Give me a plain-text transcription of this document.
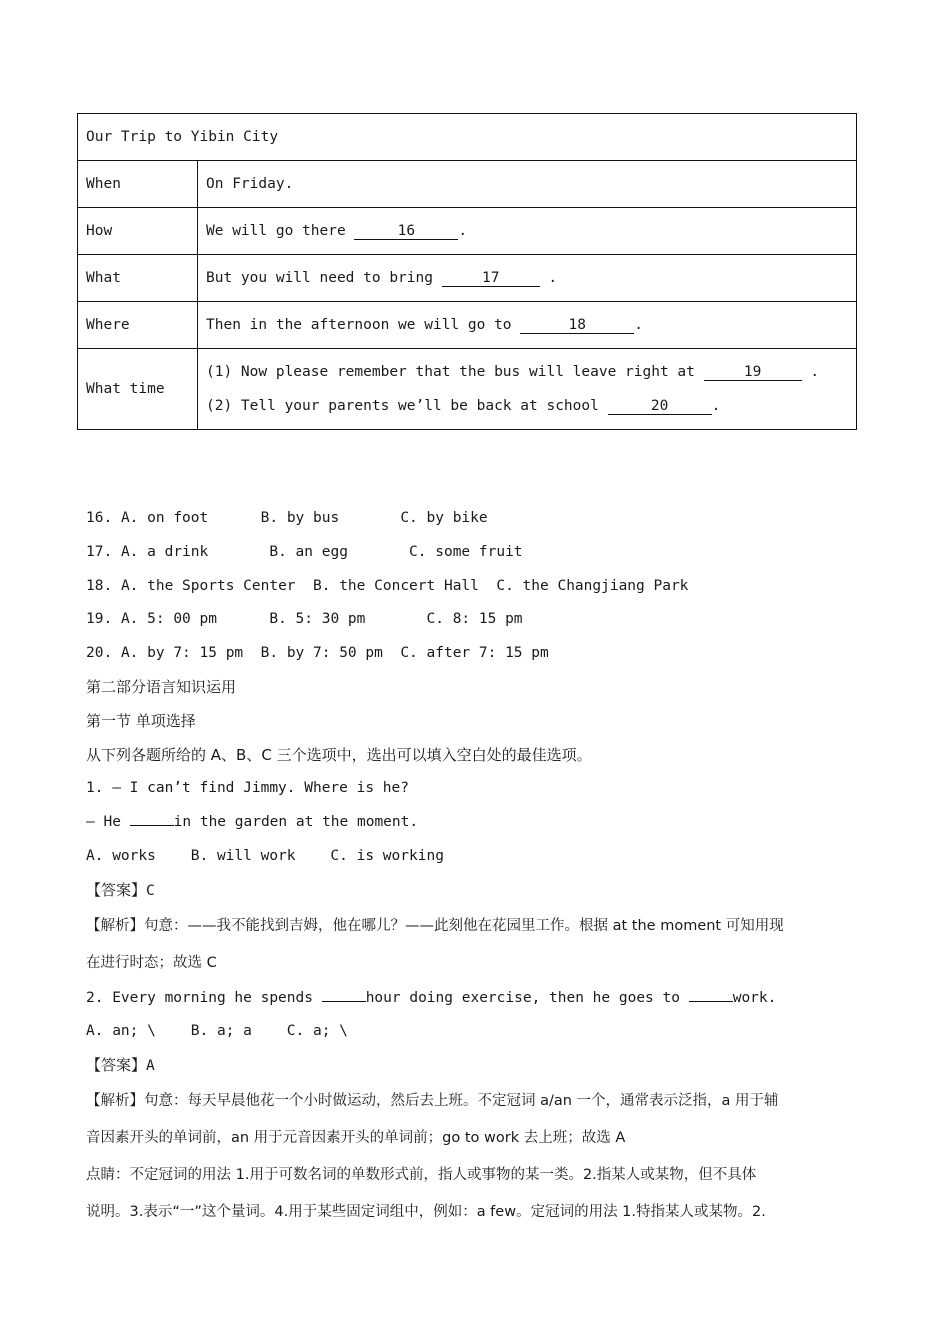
Our Trip to Yibin City	
When	On Friday.
How	We will go there 16 .
What	But you will need to bring 17 .
Where	Then in the afternoon we will go to 18 .
What time	(1) Now please remember that the bus will leave right at 19 .
(2) Tell your parents we’ll be back at school 20 .
16. A. on foot	B. by bus	C. by bike
17. A. a drink	B. an egg	C. some fruit
18. A. the Sports Center B. the Concert Hall C. the Changjiang Park
19. A. 5: 00 pm	B. 5: 30 pm	C. 8: 15 pm
20. A. by 7: 15 pm B. by 7: 50 pm C. after 7: 15 pm
第二部分语言知识运用
第一节 单项选择
从下列各题所给的 A、B、C 三个选项中，选出可以填入空白处的最佳选项。
1. — I can’t find Jimmy. Where is he?
— He	in the garden at the moment.
A. works    B. will work    C. is working
【答案】C
【解析】句意：——我不能找到吉姆，他在哪儿？——此刻他在花园里工作。根据 at the moment 可知用现
在进行时态；故选 C
2. Every morning he spends	hour doing exercise, then he goes to	work.
A. an; \    B. a; a    C. a; \
【答案】A
【解析】句意：每天早晨他花一个小时做运动，然后去上班。不定冠词 a/an 一个，通常表示泛指，a 用于辅
音因素开头的单词前，an 用于元音因素开头的单词前；go to work 去上班；故选 A
点睛：不定冠词的用法 1.用于可数名词的单数形式前，指人或事物的某一类。2.指某人或某物，但不具体
说明。3.表示“一”这个量词。4.用于某些固定词组中，例如：a few。定冠词的用法 1.特指某人或某物。2.
